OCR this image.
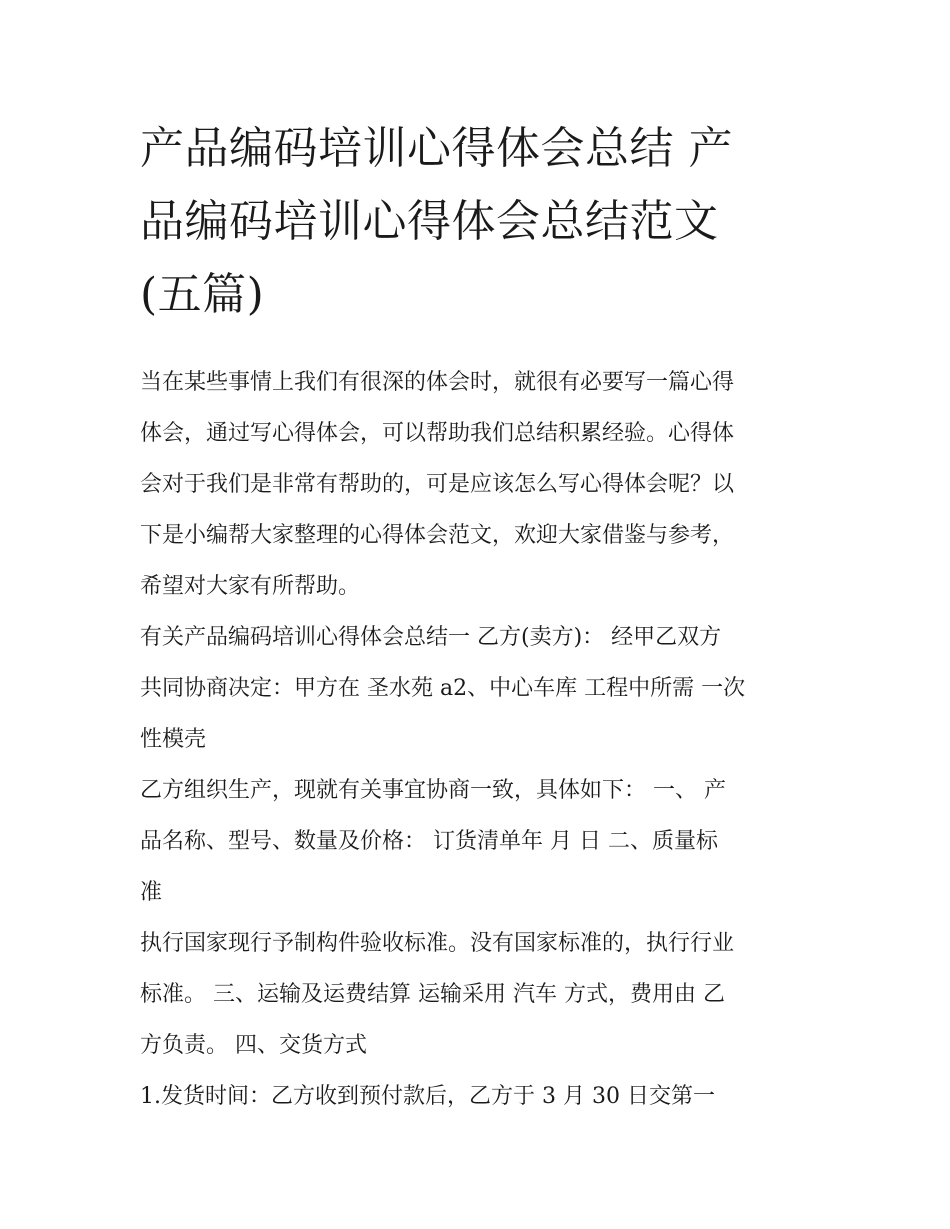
产品编码培训心得体会总结 产
品编码培训心得体会总结范文
(五篇)
当在某些事情上我们有很深的体会时，就很有必要写一篇心得
体会，通过写心得体会，可以帮助我们总结积累经验。心得体
会对于我们是非常有帮助的，可是应该怎么写心得体会呢？以
下是小编帮大家整理的心得体会范文，欢迎大家借鉴与参考，
希望对大家有所帮助。
有关产品编码培训心得体会总结一 乙方(卖方)： 经甲乙双方
共同协商决定：甲方在 圣水苑 a2、中心车库 工程中所需 一次
性模壳
乙方组织生产，现就有关事宜协商一致，具体如下： 一、 产
品名称、型号、数量及价格： 订货清单年 月 日 二、质量标
准
执行国家现行予制构件验收标准。没有国家标准的，执行行业
标准。 三、运输及运费结算 运输采用 汽车 方式，费用由 乙
方负责。 四、交货方式
1.发货时间：乙方收到预付款后，乙方于 3 月 30 日交第一
